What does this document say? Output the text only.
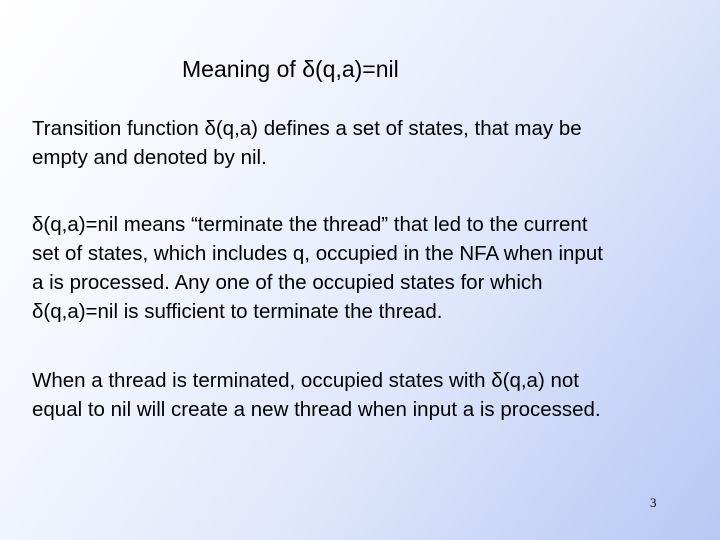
Meaning of δ(q,a)=nil

Transition function δ(q,a) defines a set of states, that may be
empty and denoted by nil.

δ(q,a)=nil means “terminate the thread” that led to the current
set of states, which includes q, occupied in the NFA when input
a is processed. Any one of the occupied states for which
δ(q,a)=nil is sufficient to terminate the thread.

When a thread is terminated, occupied states with δ(q,a) not
equal to nil will create a new thread when input a is processed.

3
